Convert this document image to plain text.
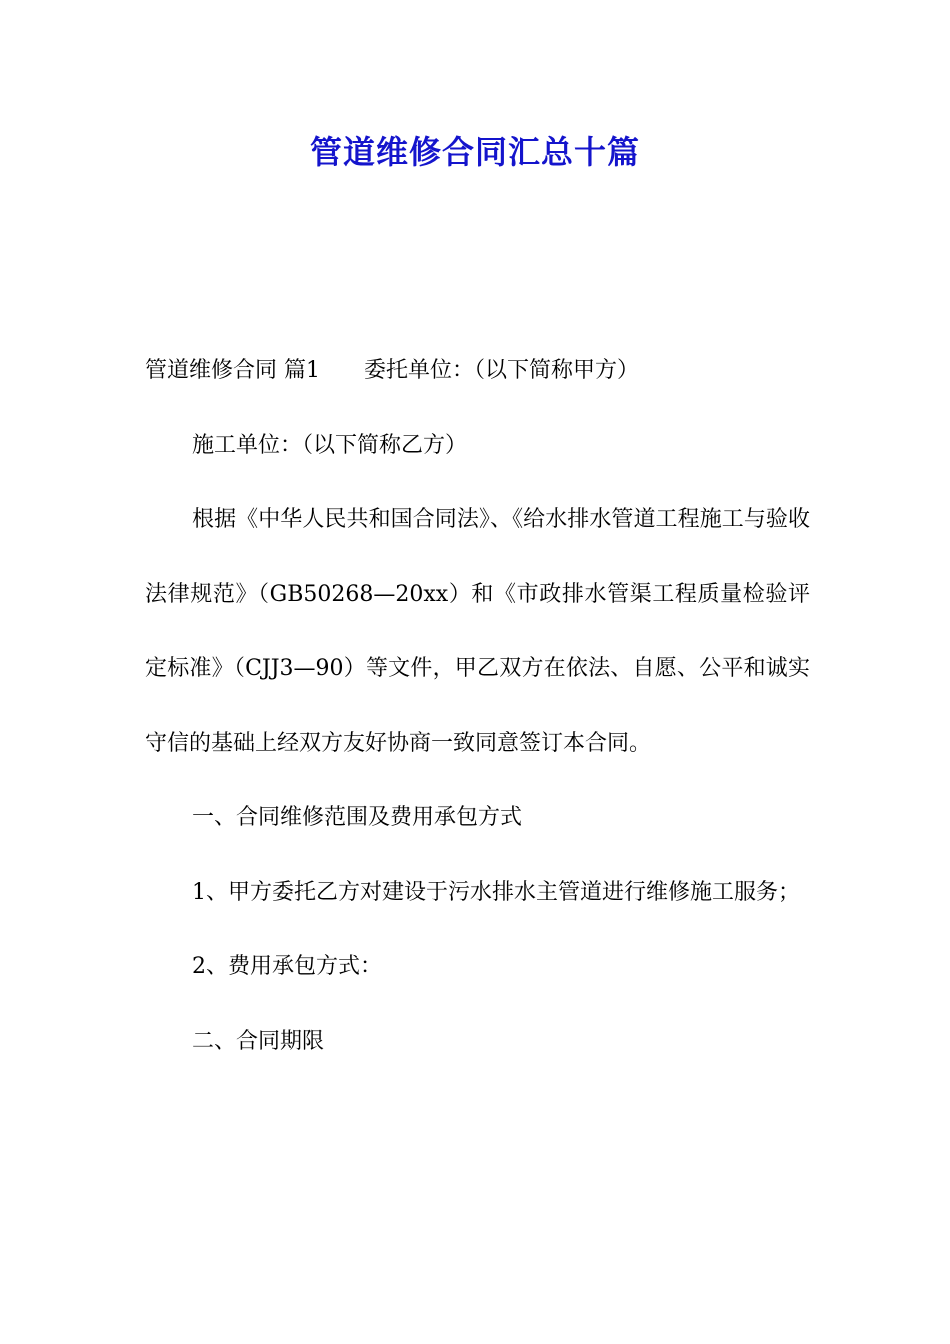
管道维修合同汇总十篇

管道维修合同 篇1 委托单位：（以下简称甲方）

施工单位：（以下简称乙方）

根据《中华人民共和国合同法》、《给水排水管道工程施工与验收法律规范》（GB50268—20xx）和《市政排水管渠工程质量检验评定标准》（CJJ3—90）等文件，甲乙双方在依法、自愿、公平和诚实守信的基础上经双方友好协商一致同意签订本合同。

一、合同维修范围及费用承包方式

1、甲方委托乙方对建设于污水排水主管道进行维修施工服务；

2、费用承包方式：

二、合同期限
